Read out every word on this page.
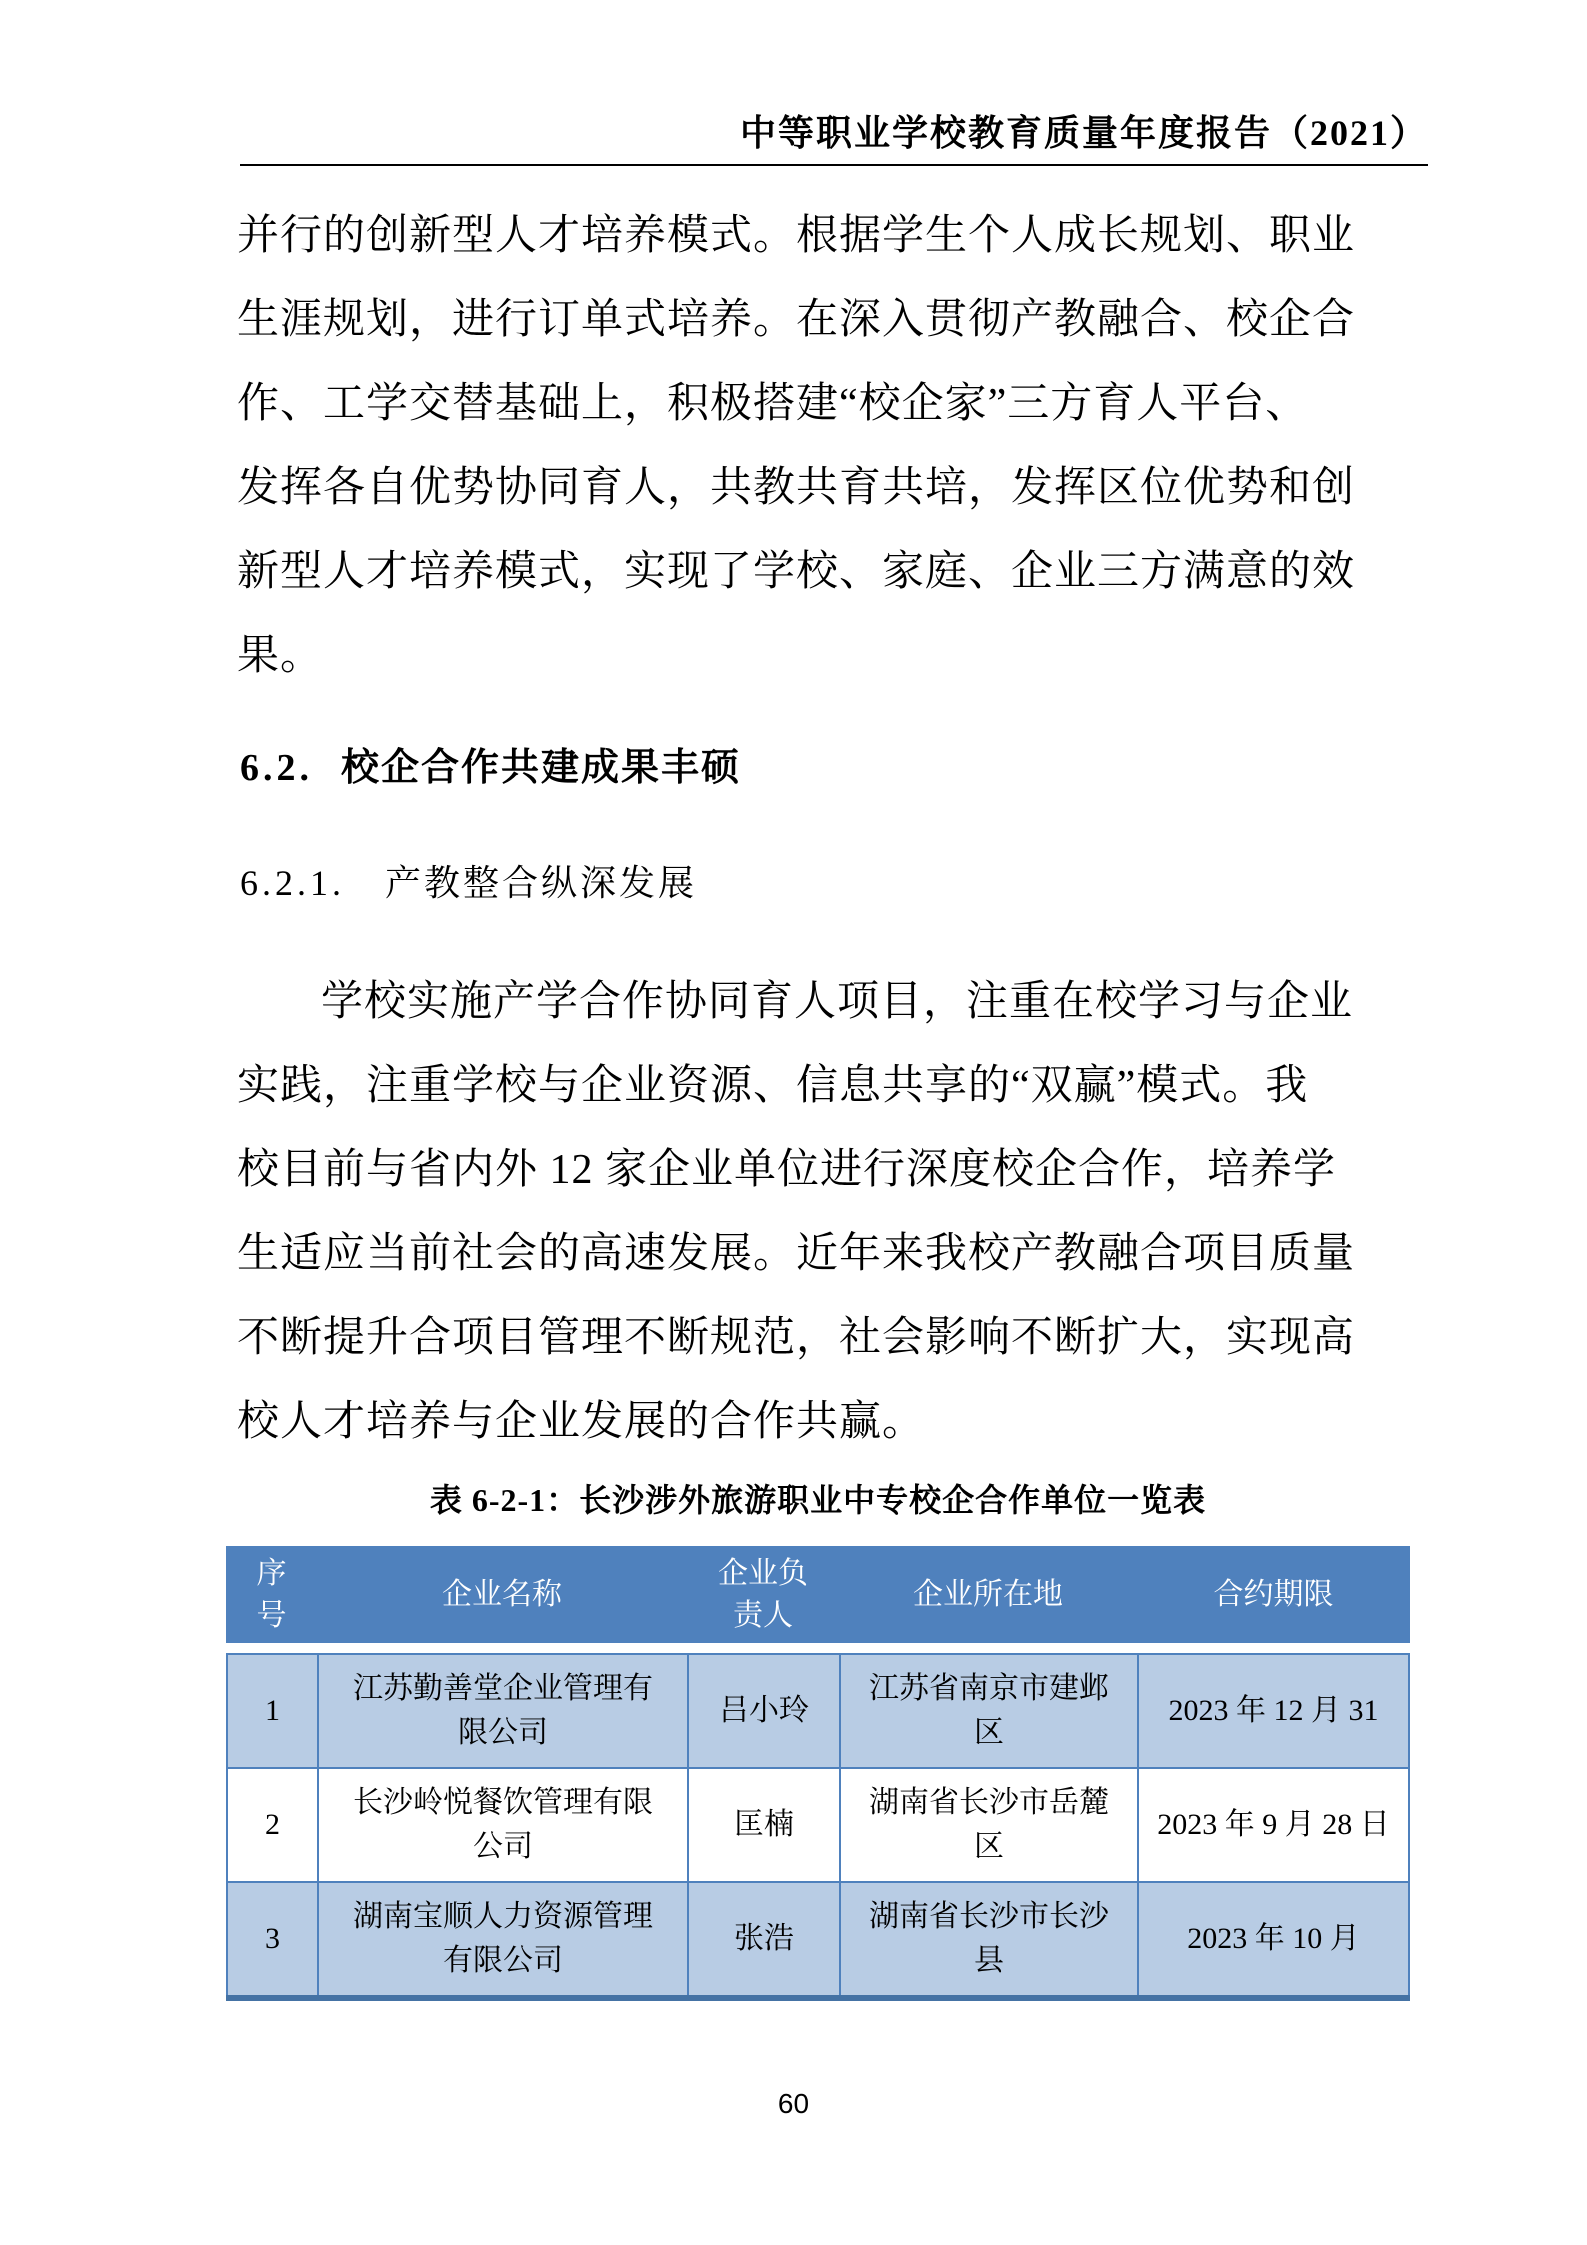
中等职业学校教育质量年度报告（2021）
并行的创新型人才培养模式。根据学生个人成长规划、职业
生涯规划，进行订单式培养。在深入贯彻产教融合、校企合
作、工学交替基础上，积极搭建“校企家”三方育人平台、
发挥各自优势协同育人，共教共育共培，发挥区位优势和创
新型人才培养模式，实现了学校、家庭、企业三方满意的效
果。
6.2. 校企合作共建成果丰硕
6.2.1. 产教整合纵深发展
学校实施产学合作协同育人项目，注重在校学习与企业
实践，注重学校与企业资源、信息共享的“双赢”模式。我
校目前与省内外 12 家企业单位进行深度校企合作，培养学
生适应当前社会的高速发展。近年来我校产教融合项目质量
不断提升合项目管理不断规范，社会影响不断扩大，实现高
校人才培养与企业发展的合作共赢。
表 6-2-1：长沙涉外旅游职业中专校企合作单位一览表
序号
企业名称
企业负责人
企业所在地	合约期限
1
江苏勤善堂企业管理有限公司
吕小玲
江苏省南京市建邺区
2023 年 12 月 31
2
长沙岭悦餐饮管理有限公司
匡楠
湖南省长沙市岳麓区
2023 年 9 月 28 日
3
湖南宝顺人力资源管理有限公司
张浩
湖南省长沙市长沙县
2023 年 10 月
60
